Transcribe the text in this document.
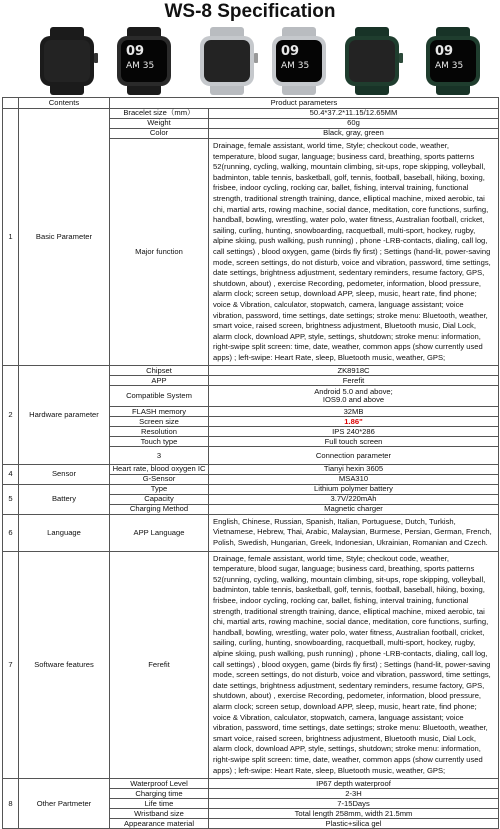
WS-8 Specification
09
AM 35
09
AM 35
09
AM 35
	Contents	Product parameters		
1	Basic Parameter	Bracelet size（mm）	50.4*37.2*11.15/12.65MM	
		Weight	60g	
		Color	Black, gray, green	
		Major function	Drainage, female assistant, world time, Style; checkout code, weather, temperature, blood sugar, language; business card, breathing, sports patterns 52(running, cycling, walking, mountain climbing, sit-ups, rope skipping, volleyball, badminton, table tennis, basketball, golf, tennis, football, baseball, hiking, boxing, frisbee, indoor cycling, rocking car, ballet, fishing, interval training, functional strength, traditional strength training, dance, elliptical machine, mixed aerobic, tai chi, martial arts, rowing machine, social dance, meditation, core functions, surfing, handball, bowling, wrestling, water polo, water fitness, Australian football, cricket, sailing, curling, hunting, snowboarding, racquetball, multi-sport, hockey, rugby, alpine skiing, push walking, push running) , phone -LRB-contacts, dialing, call log, call settings) , blood oxygen, game (birds fly first) ; Settings (hand-lit, power-saving mode, screen settings, do not disturb, voice and vibration, password, time settings, date settings, brightness adjustment, sedentary reminders, resume factory, GPS, shutdown, about) , exercise Recording, pedometer, information, blood pressure, alarm clock; screen setup, download APP, sleep, music, heart rate, find phone; voice & Vibration, calculator, stopwatch, camera, language assistant; voice vibration, password, time settings, date settings; stroke menu: Bluetooth, weather, smart voice, raised screen, brightness adjustment, Bluetooth music, Dial Lock, alarm clock, download APP, style, settings, shutdown; stroke menu: information, right-swipe split screen: time, date, weather, common apps (show currently used apps) ; left-swipe: Heart Rate, sleep, Bluetooth music, weather, GPS;	
2	Hardware parameter	Chipset	ZK8918C	
		APP	Ferefit	
		Compatible System	Android 5.0 and above;
IOS9.0 and above	

		FLASH memory	32MB	
		Screen size	1.86"	
		Resolution	IPS 240*286	
		Touch type	Full touch screen	
		3	Connection parameter		
4	Sensor	Heart rate, blood oxygen IC	Tianyi hexin 3605	
		G-Sensor	MSA310	
5	Battery	Type	Lithium polymer battery	
		Capacity	3.7V/220mAh	
		Charging Method	Magnetic charger	
6	Language	APP Language	English, Chinese, Russian, Spanish, Italian, Portuguese, Dutch, Turkish, Vietnamese, Hebrew, Thai, Arabic, Malaysian, Burmese, Persian, German, French, Polish, Swedish, Hungarian, Greek, Indonesian, Ukrainian, Romanian and Czech.	
7	Software features	Ferefit	Drainage, female assistant, world time, Style; checkout code, weather, temperature, blood sugar, language; business card, breathing, sports patterns 52(running, cycling, walking, mountain climbing, sit-ups, rope skipping, volleyball, badminton, table tennis, basketball, golf, tennis, football, baseball, hiking, boxing, frisbee, indoor cycling, rocking car, ballet, fishing, interval training, functional strength, traditional strength training, dance, elliptical machine, mixed aerobic, tai chi, martial arts, rowing machine, social dance, meditation, core functions, surfing, handball, bowling, wrestling, water polo, water fitness, Australian football, cricket, sailing, curling, hunting, snowboarding, racquetball, multi-sport, hockey, rugby, alpine skiing, push walking, push running) , phone -LRB-contacts, dialing, call log, call settings) , blood oxygen, game (birds fly first) ; Settings (hand-lit, power-saving mode, screen settings, do not disturb, voice and vibration, password, time settings, date settings, brightness adjustment, sedentary reminders, resume factory, GPS, shutdown, about) , exercise Recording, pedometer, information, blood pressure, alarm clock; screen setup, download APP, sleep, music, heart rate, find phone; voice & Vibration, calculator, stopwatch, camera, language assistant; voice vibration, password, time settings, date settings; stroke menu: Bluetooth, weather, smart voice, raised screen, brightness adjustment, Bluetooth music, Dial Lock, alarm clock, download APP, style, settings, shutdown; stroke menu: information, right-swipe split screen: time, date, weather, common apps (show currently used apps) ; left-swipe: Heart Rate, sleep, Bluetooth music, weather, GPS;	
8	Other Partmeter	Waterproof Level	IP67 depth waterproof	
		Charging time	2-3H	
		Life time	7-15Days	
		Wristband size	Total length 258mm, width 21.5mm	
		Appearance material	Plastic+silica gel	
